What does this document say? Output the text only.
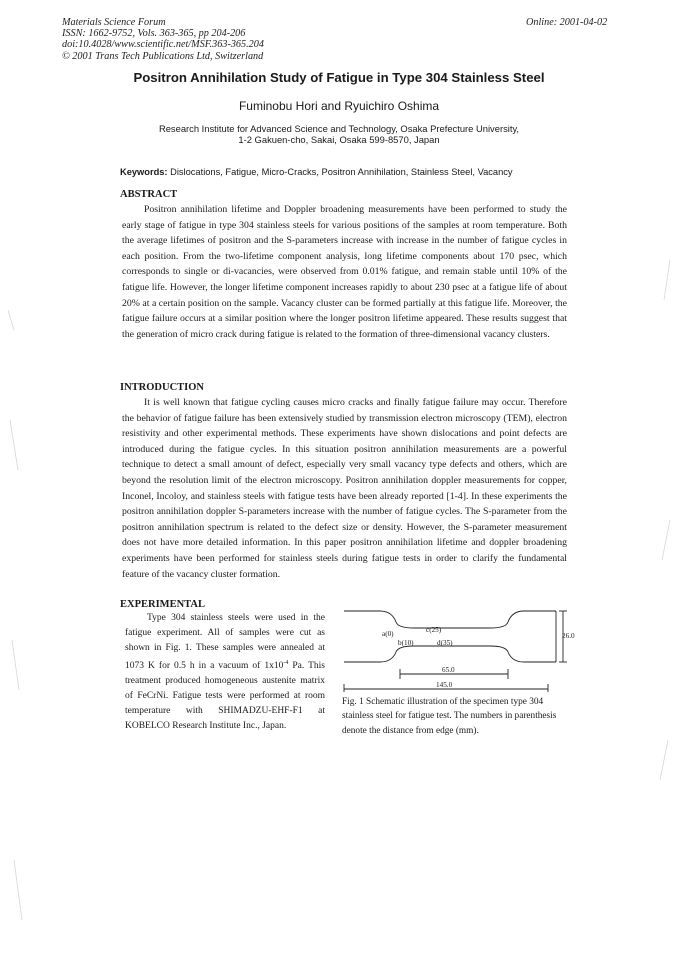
Materials Science Forum
ISSN: 1662-9752, Vols. 363-365, pp 204-206
doi:10.4028/www.scientific.net/MSF.363-365.204
© 2001 Trans Tech Publications Ltd, Switzerland
Online: 2001-04-02
Positron Annihilation Study of Fatigue in Type 304 Stainless Steel
Fuminobu Hori and Ryuichiro Oshima
Research Institute for Advanced Science and Technology, Osaka Prefecture University,
1-2 Gakuen-cho, Sakai, Osaka 599-8570, Japan
Keywords: Dislocations, Fatigue, Micro-Cracks, Positron Annihilation, Stainless Steel, Vacancy
ABSTRACT

Positron annihilation lifetime and Doppler broadening measurements have been performed to study the early stage of fatigue in type 304 stainless steels for various positions of the samples at room temperature. Both the average lifetimes of positron and the S-parameters increase with increase in the number of fatigue cycles in each position. From the two-lifetime component analysis, long lifetime components about 170 psec, which corresponds to single or di-vacancies, were observed from 0.01% fatigue, and remain stable until 10% of the fatigue life. However, the longer lifetime component increases rapidly to about 230 psec at a fatigue life of about 20% at a certain position on the sample. Vacancy cluster can be formed partially at this fatigue life. Moreover, the fatigue failure occurs at a similar position where the longer positron lifetime appeared. These results suggest that the generation of micro crack during fatigue is related to the formation of three-dimensional vacancy clusters.

INTRODUCTION

It is well known that fatigue cycling causes micro cracks and finally fatigue failure may occur. Therefore the behavior of fatigue failure has been extensively studied by transmission electron microscopy (TEM), electron resistivity and other experimental methods. These experiments have shown dislocations and point defects are introduced during the fatigue cycles. In this situation positron annihilation measurements are a powerful technique to detect a small amount of defect, especially very small vacancy type defects and others, which are beyond the resolution limit of the electron microscopy. Positron annihilation doppler measurements for copper, Inconel, Incoloy, and stainless steels with fatigue tests have been already reported [1-4]. In these experiments the positron annihilation doppler S-parameters increase with the number of fatigue cycles. The S-parameter from the positron annihilation spectrum is related to the defect size or density. However, the S-parameter measurement does not have more detailed information. In this paper positron annihilation lifetime and doppler broadening experiments have been performed for stainless steels during fatigue tests in order to clarify the fundamental feature of the vacancy cluster formation.

EXPERIMENTAL

Type 304 stainless steels were used in the fatigue experiment. All of samples were cut as shown in Fig. 1. These samples were annealed at 1073 K for 0.5 h in a vacuum of $1x10^{-4}$ Pa. This treatment produced homogeneous austenite matrix of FeCrNi. Fatigue tests were performed at room temperature with SHIMADZU-EHF-F1 at KOBELCO Research Institute Inc., Japan.

a(0)	c(25)
b(10)	d(35)
26.0
65.0
145.0

Fig. 1 Schematic illustration of the specimen type 304 stainless steel for fatigue test. The numbers in parenthesis denote the distance from edge (mm).
